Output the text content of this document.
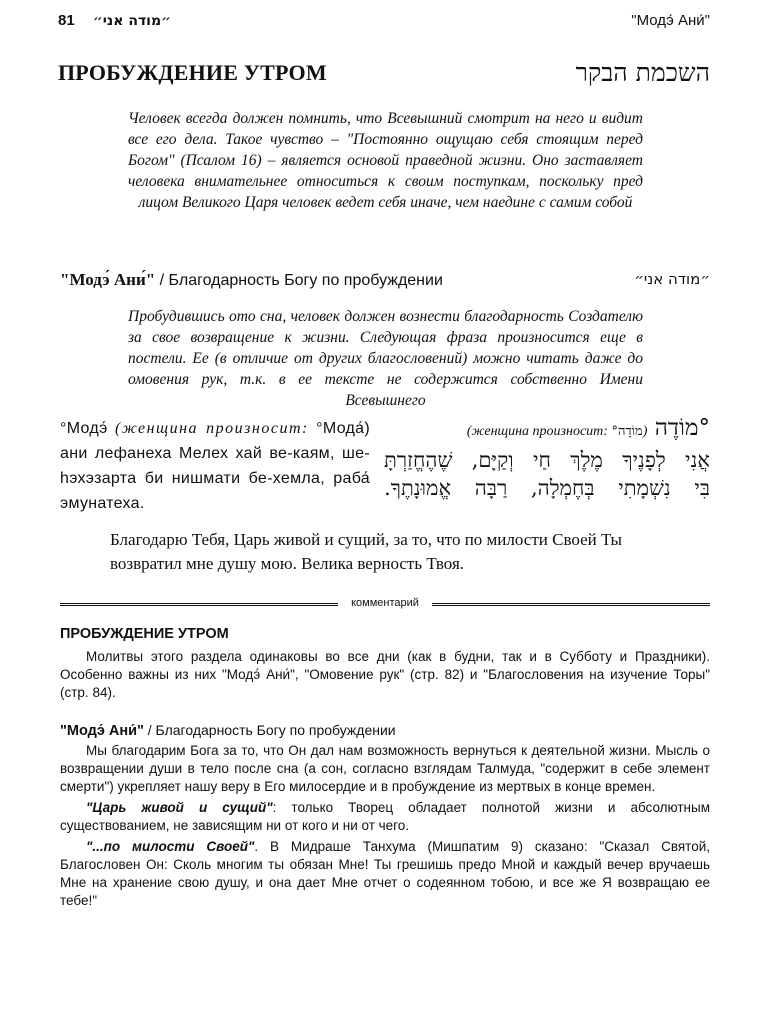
81 ״מודה אני״	"Модэ́ Ани́"
ПРОБУЖДЕНИЕ УТРОМ	השכמת הבקר
Человек всегда должен помнить, что Всевышний смотрит на него и видит все его дела. Такое чувство – "Постоянно ощущаю себя стоящим перед Богом" (Псалом 16) – является основой праведной жизни. Оно заставляет человека внимательнее относиться к своим поступкам, поскольку пред лицом Великого Царя человек ведет себя иначе, чем наедине с самим собой
"Модэ́ Ани́" / Благодарность Богу по пробуждении	״מודה אני״
Пробудившись ото сна, человек должен вознести благодарность Создателю за свое возвращение к жизни. Следующая фраза произносится еще в постели. Ее (в отличие от других благословений) можно читать даже до омовения рук, т.к. в ее тексте не содержится собственно Имени Всевышнего
°Модэ́ (женщина произносит: °Мода́) ани лефанеха Мелех хай ве-каям, ше-һэхэзарта би нишмати бе-хемла, раба́ эмунатеха.
°מוֹדֶה (женщина произносит: °מוֹדָה)
אֲנִי לְפָנֶיךָ מֶלֶךְ חַי וְקַיָּם, שֶׁהֶחֱזַרְתָּ
בִּי נִשְׁמָתִי בְּחֶמְלָה, רַבָּה אֱמוּנָתֶךָ.
Благодарю Тебя, Царь живой и сущий, за то, что по милости Своей Ты возвратил мне душу мою. Велика верность Твоя.
комментарий
ПРОБУЖДЕНИЕ УТРОМ

Молитвы этого раздела одинаковы во все дни (как в будни, так и в Субботу и Праздники). Особенно важны из них "Модэ́ Ани́", "Омовение рук" (стр. 82) и "Благословения на изучение Торы" (стр. 84).

"Модэ́ Ани́" / Благодарность Богу по пробуждении

Мы благодарим Бога за то, что Он дал нам возможность вернуться к деятельной жизни. Мысль о возвращении души в тело после сна (а сон, согласно взглядам Талмуда, "содержит в себе элемент смерти") укрепляет нашу веру в Его милосердие и в пробуждение из мертвых в конце времен.

"Царь живой и сущий": только Творец обладает полнотой жизни и абсолютным существованием, не зависящим ни от кого и ни от чего.

"...по милости Своей". В Мидраше Танхума (Мишпатим 9) сказано: "Сказал Святой, Благословен Он: Сколь многим ты обязан Мне! Ты грешишь предо Мной и каждый вечер вручаешь Мне на хранение свою душу, и она дает Мне отчет о содеянном тобою, и все же Я возвращаю ее тебе!"
